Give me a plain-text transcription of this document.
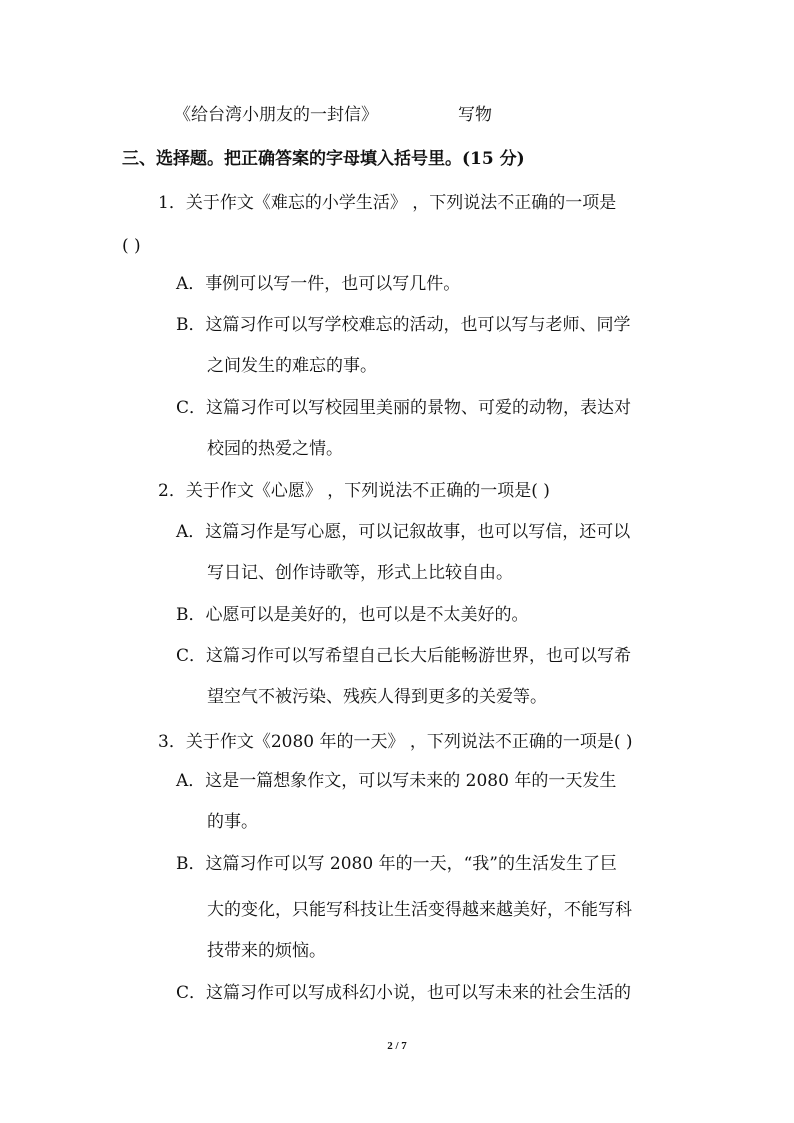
《给台湾小朋友的一封信》	写物
三、选择题。把正确答案的字母填入括号里。(15 分)
1．关于作文《难忘的小学生活》 ，下列说法不正确的一项是
( )
A．事例可以写一件，也可以写几件。
B．这篇习作可以写学校难忘的活动，也可以写与老师、同学
之间发生的难忘的事。
C．这篇习作可以写校园里美丽的景物、可爱的动物，表达对
校园的热爱之情。
2．关于作文《心愿》 ，下列说法不正确的一项是( )
A．这篇习作是写心愿，可以记叙故事，也可以写信，还可以
写日记、创作诗歌等，形式上比较自由。
B．心愿可以是美好的，也可以是不太美好的。
C．这篇习作可以写希望自己长大后能畅游世界，也可以写希
望空气不被污染、残疾人得到更多的关爱等。
3．关于作文《2080 年的一天》 ，下列说法不正确的一项是( )
A．这是一篇想象作文，可以写未来的 2080 年的一天发生
的事。
B．这篇习作可以写 2080 年的一天，“我”的生活发生了巨
大的变化，只能写科技让生活变得越来越美好，不能写科
技带来的烦恼。
C．这篇习作可以写成科幻小说，也可以写未来的社会生活的
2 / 7
